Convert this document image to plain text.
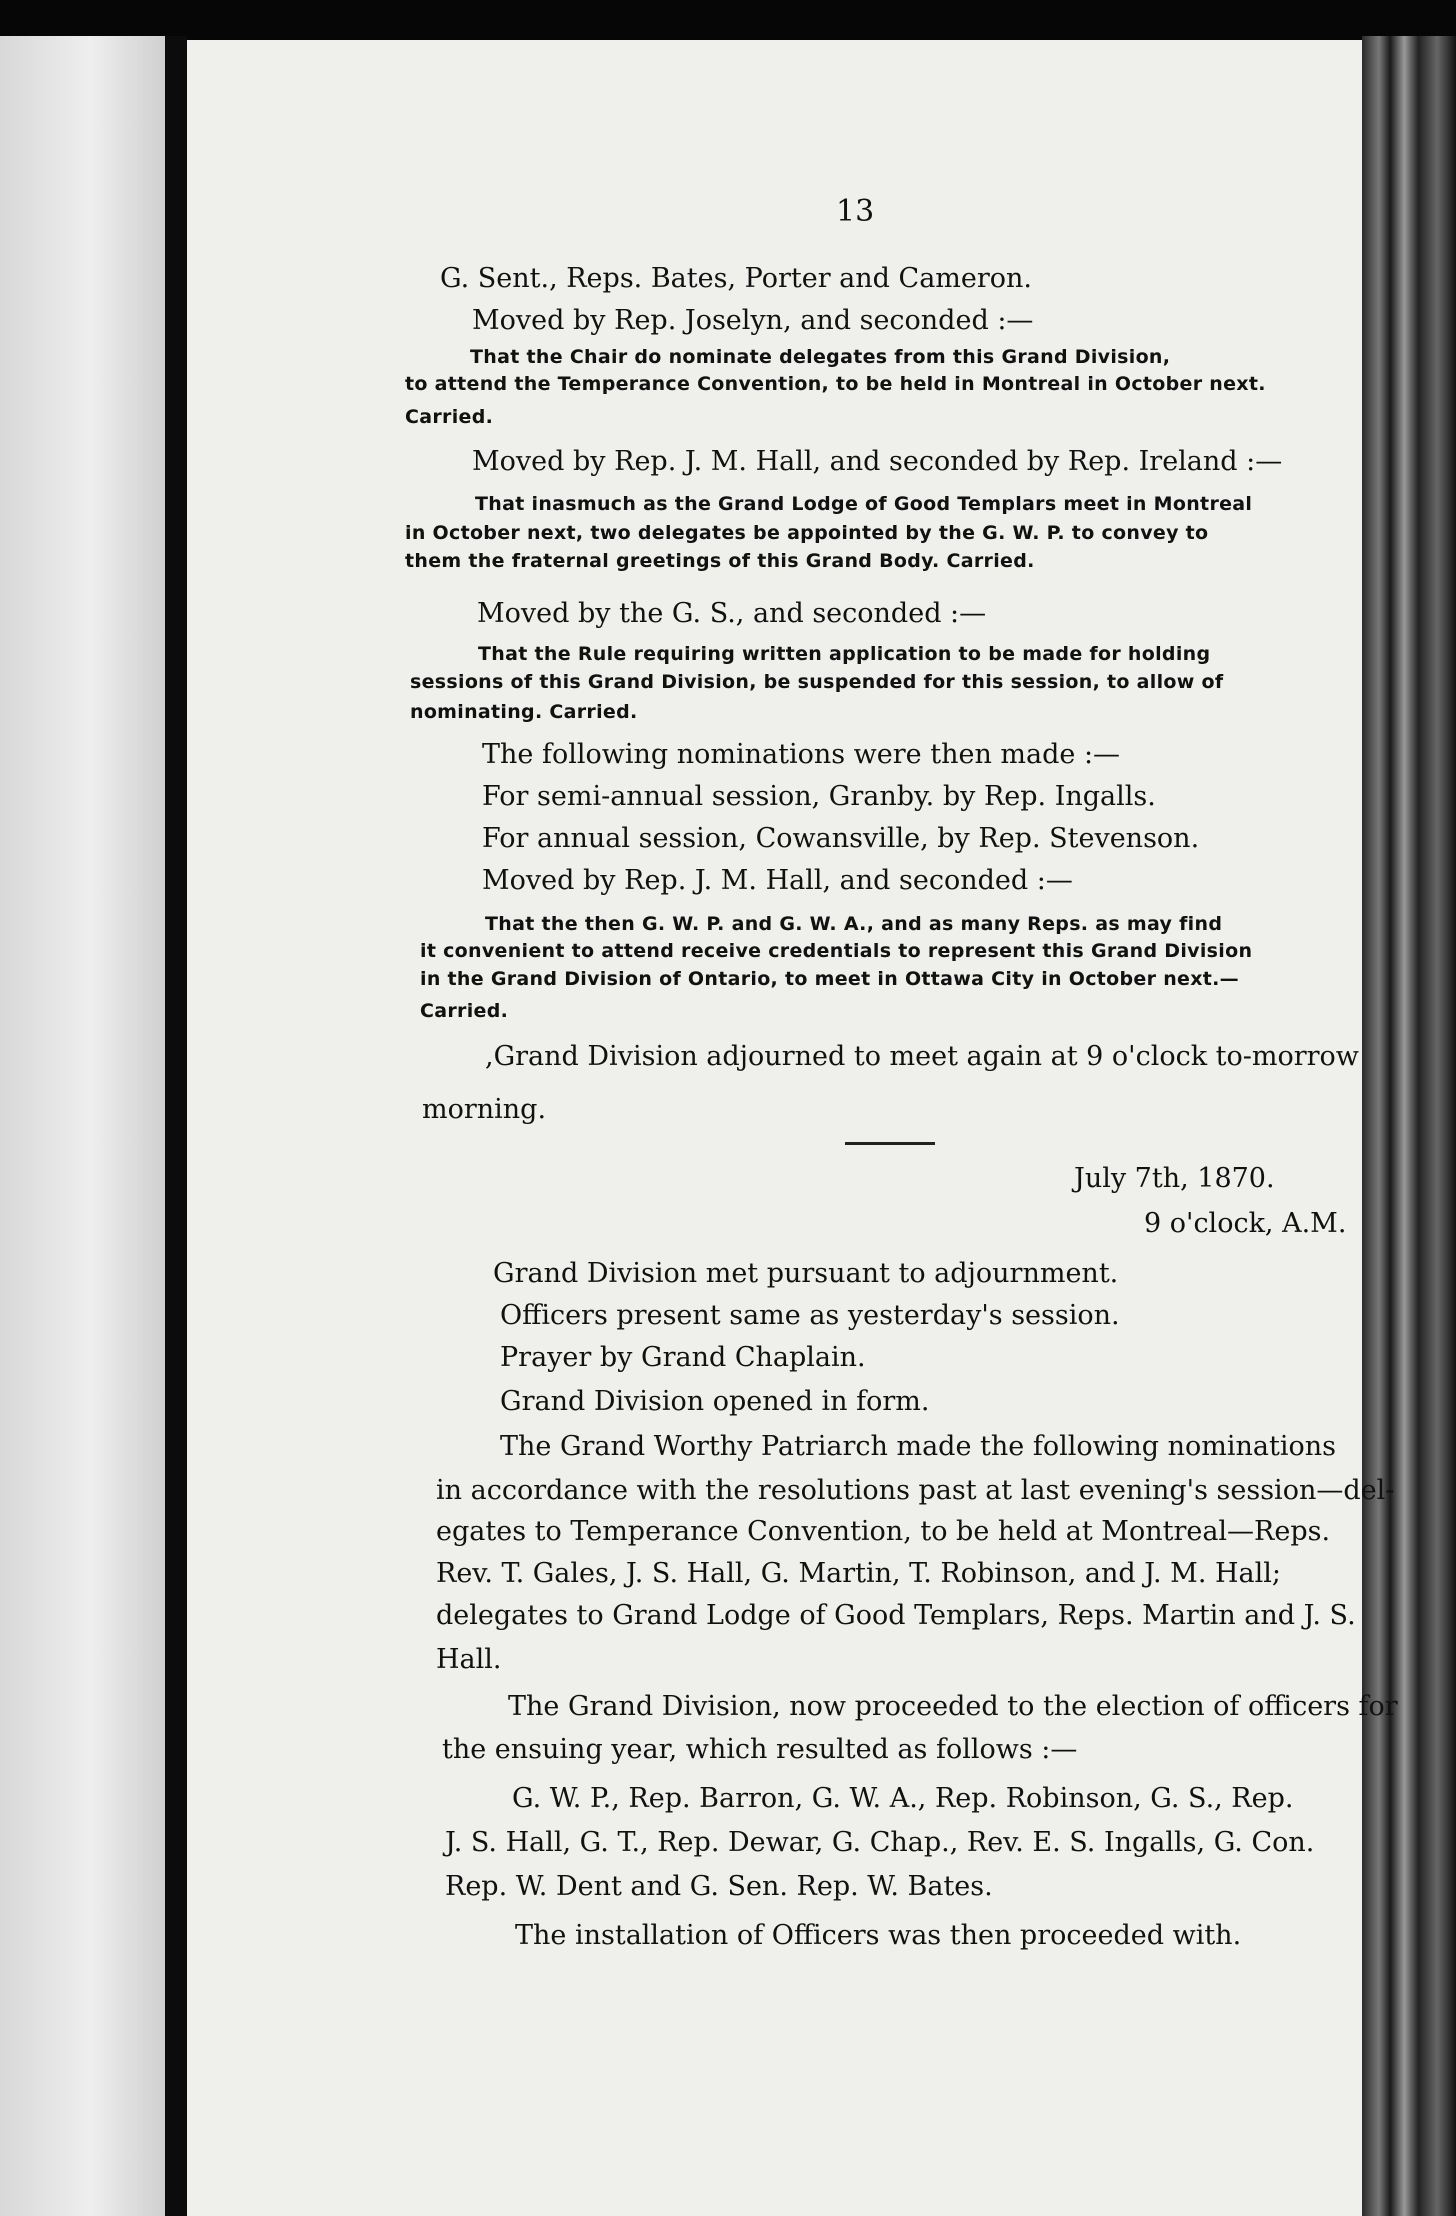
13

G. Sent., Reps. Bates, Porter and Cameron.

Moved by Rep. Joselyn, and seconded :—

That the Chair do nominate delegates from this Grand Division,

to attend the Temperance Convention, to be held in Montreal in October next.

Carried.

Moved by Rep. J. M. Hall, and seconded by Rep. Ireland :—

That inasmuch as the Grand Lodge of Good Templars meet in Montreal

in October next, two delegates be appointed by the G. W. P. to convey to

them the fraternal greetings of this Grand Body. Carried.

Moved by the G. S., and seconded :—

That the Rule requiring written application to be made for holding

sessions of this Grand Division, be suspended for this session, to allow of

nominating. Carried.

The following nominations were then made :—

For semi-annual session, Granby. by Rep. Ingalls.

For annual session, Cowansville, by Rep. Stevenson.

Moved by Rep. J. M. Hall, and seconded :—

That the then G. W. P. and G. W. A., and as many Reps. as may find

it convenient to attend receive credentials to represent this Grand Division

in the Grand Division of Ontario, to meet in Ottawa City in October next.—

Carried.

,Grand Division adjourned to meet again at 9 o'clock to-morrow

morning.

July 7th, 1870.

9 o'clock, A.M.

Grand Division met pursuant to adjournment.

Officers present same as yesterday's session.

Prayer by Grand Chaplain.

Grand Division opened in form.

The Grand Worthy Patriarch made the following nominations

in accordance with the resolutions past at last evening's session—del-

egates to Temperance Convention, to be held at Montreal—Reps.

Rev. T. Gales, J. S. Hall, G. Martin, T. Robinson, and J. M. Hall;

delegates to Grand Lodge of Good Templars, Reps. Martin and J. S.

Hall.

The Grand Division, now proceeded to the election of officers for

the ensuing year, which resulted as follows :—

G. W. P., Rep. Barron, G. W. A., Rep. Robinson, G. S., Rep.

J. S. Hall, G. T., Rep. Dewar, G. Chap., Rev. E. S. Ingalls, G. Con.

Rep. W. Dent and G. Sen. Rep. W. Bates.

The installation of Officers was then proceeded with.
